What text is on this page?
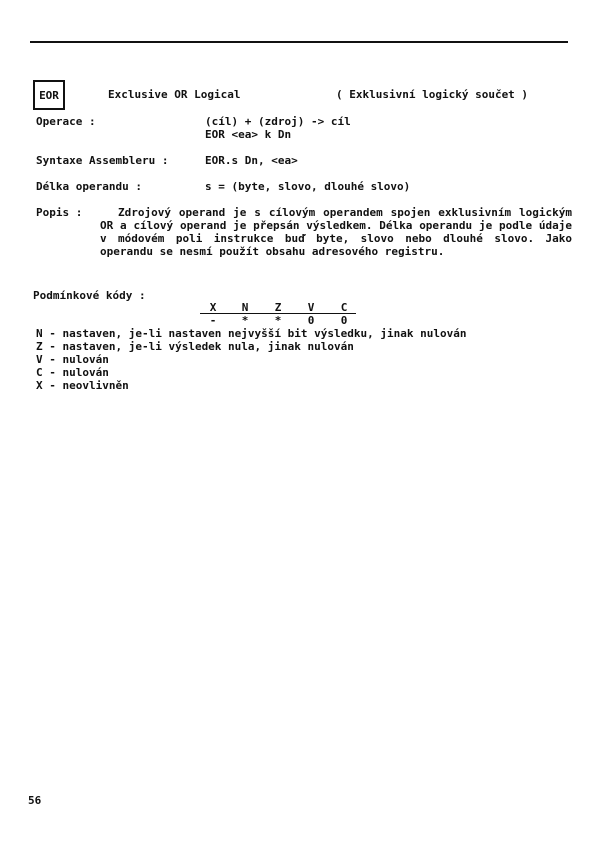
EOR	Exclusive OR Logical	( Exklusivní logický součet )
Operace :	(cíl) + (zdroj) -> cíl
EOR <ea> k Dn
Syntaxe Assembleru :	EOR.s Dn, <ea>
Délka operandu :	s = (byte, slovo, dlouhé slovo)
Popis :	Zdrojový operand je s cílovým operandem spojen exklusivním logickým OR a cílový operand je přepsán výsledkem. Délka operandu je podle údaje v módovém poli instrukce buď byte, slovo nebo dlouhé slovo. Jako operandu se nesmí použít obsahu adresového registru.
Podmínkové kódy :
X	N	Z	V	C
-	*	*	0	0
N - nastaven, je-li nastaven nejvyšší bit výsledku, jinak nulován
Z - nastaven, je-li výsledek nula, jinak nulován
V - nulován
C - nulován
X - neovlivněn
56
